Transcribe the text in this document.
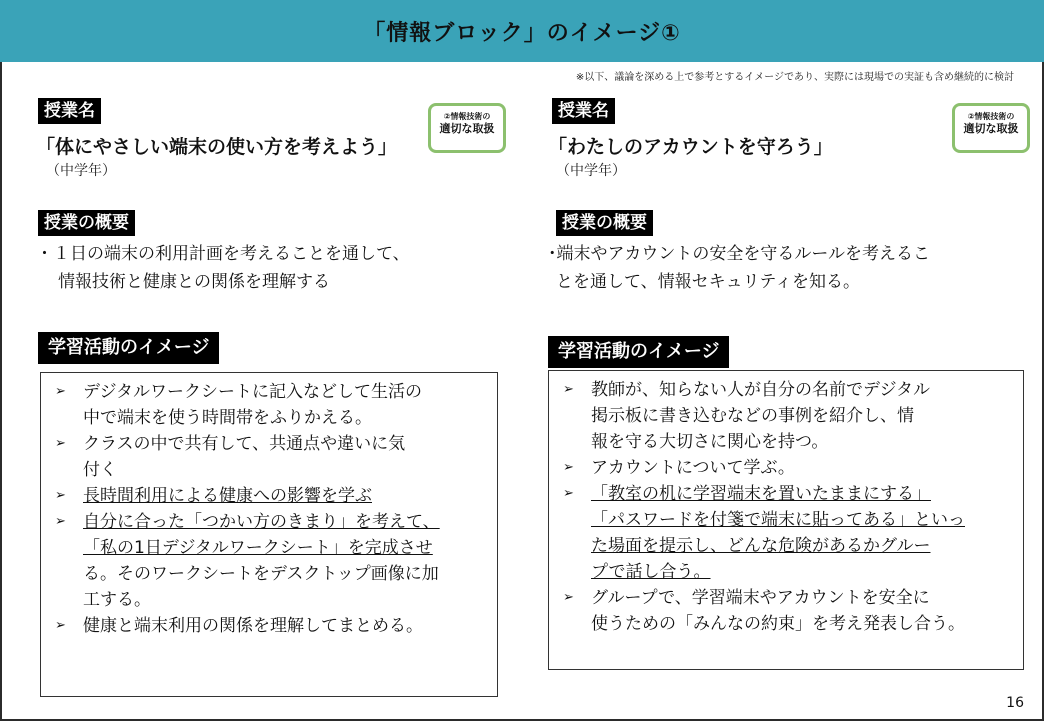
「情報ブロック」のイメージ①
※以下、議論を深める上で参考とするイメージであり、実際には現場での実証も含め継続的に検討
授業名
「体にやさしい端末の使い方を考えよう」
（中学年）
②情報技術の
適切な取扱
授業の概要
・１日の端末の利用計画を考えることを通して、
情報技術と健康との関係を理解する
学習活動のイメージ
➢ デジタルワークシートに記入などして生活の
中で端末を使う時間帯をふりかえる。
➢ クラスの中で共有して、共通点や違いに気
付く
➢ 長時間利用による健康への影響を学ぶ
➢ 自分に合った「つかい方のきまり」を考えて、
「私の1日デジタルワークシート」を完成させ
る。そのワークシートをデスクトップ画像に加
工する。
➢ 健康と端末利用の関係を理解してまとめる。
授業名
「わたしのアカウントを守ろう」
（中学年）
②情報技術の
適切な取扱
授業の概要
･端末やアカウントの安全を守るルールを考えるこ
とを通して、情報セキュリティを知る。
学習活動のイメージ
➢ 教師が、知らない人が自分の名前でデジタル
掲示板に書き込むなどの事例を紹介し、情
報を守る大切さに関心を持つ。
➢ アカウントについて学ぶ。
➢ 「教室の机に学習端末を置いたままにする」
「パスワードを付箋で端末に貼ってある」といっ
た場面を提示し、どんな危険があるかグルー
プで話し合う。
➢ グループで、学習端末やアカウントを安全に
使うための「みんなの約束」を考え発表し合う。
16
